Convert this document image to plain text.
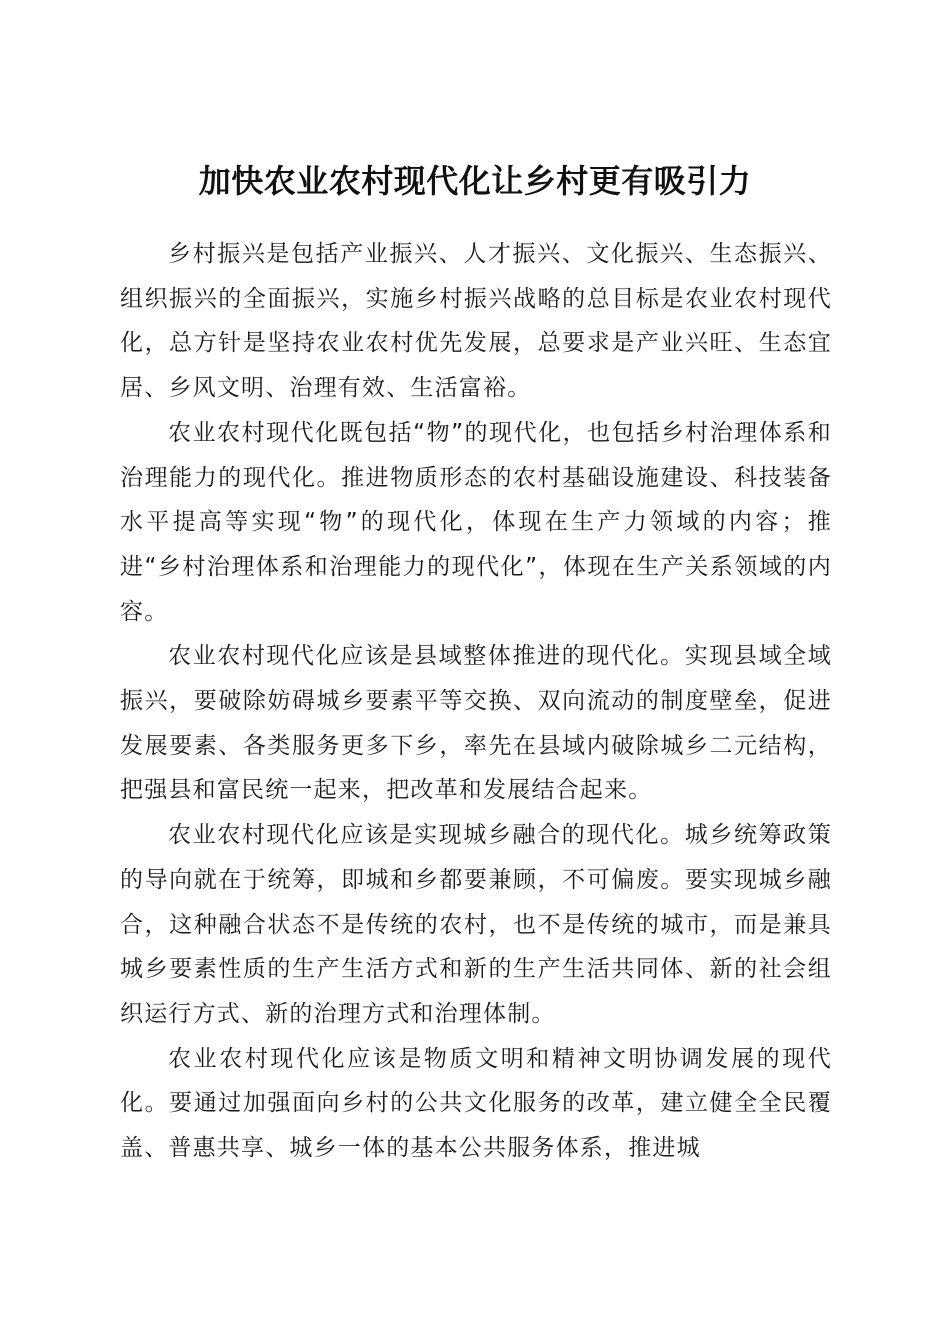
加快农业农村现代化让乡村更有吸引力

乡村振兴是包括产业振兴、人才振兴、文化振兴、生态振兴、组织振兴的全面振兴，实施乡村振兴战略的总目标是农业农村现代化，总方针是坚持农业农村优先发展，总要求是产业兴旺、生态宜居、乡风文明、治理有效、生活富裕。

农业农村现代化既包括“物”的现代化，也包括乡村治理体系和治理能力的现代化。推进物质形态的农村基础设施建设、科技装备水平提高等实现“物”的现代化，体现在生产力领域的内容；推进“乡村治理体系和治理能力的现代化”，体现在生产关系领域的内容。

农业农村现代化应该是县域整体推进的现代化。实现县域全域振兴，要破除妨碍城乡要素平等交换、双向流动的制度壁垒，促进发展要素、各类服务更多下乡，率先在县域内破除城乡二元结构，把强县和富民统一起来，把改革和发展结合起来。

农业农村现代化应该是实现城乡融合的现代化。城乡统筹政策的导向就在于统筹，即城和乡都要兼顾，不可偏废。要实现城乡融合，这种融合状态不是传统的农村，也不是传统的城市，而是兼具城乡要素性质的生产生活方式和新的生产生活共同体、新的社会组织运行方式、新的治理方式和治理体制。

农业农村现代化应该是物质文明和精神文明协调发展的现代化。要通过加强面向乡村的公共文化服务的改革，建立健全全民覆盖、普惠共享、城乡一体的基本公共服务体系，推进城
